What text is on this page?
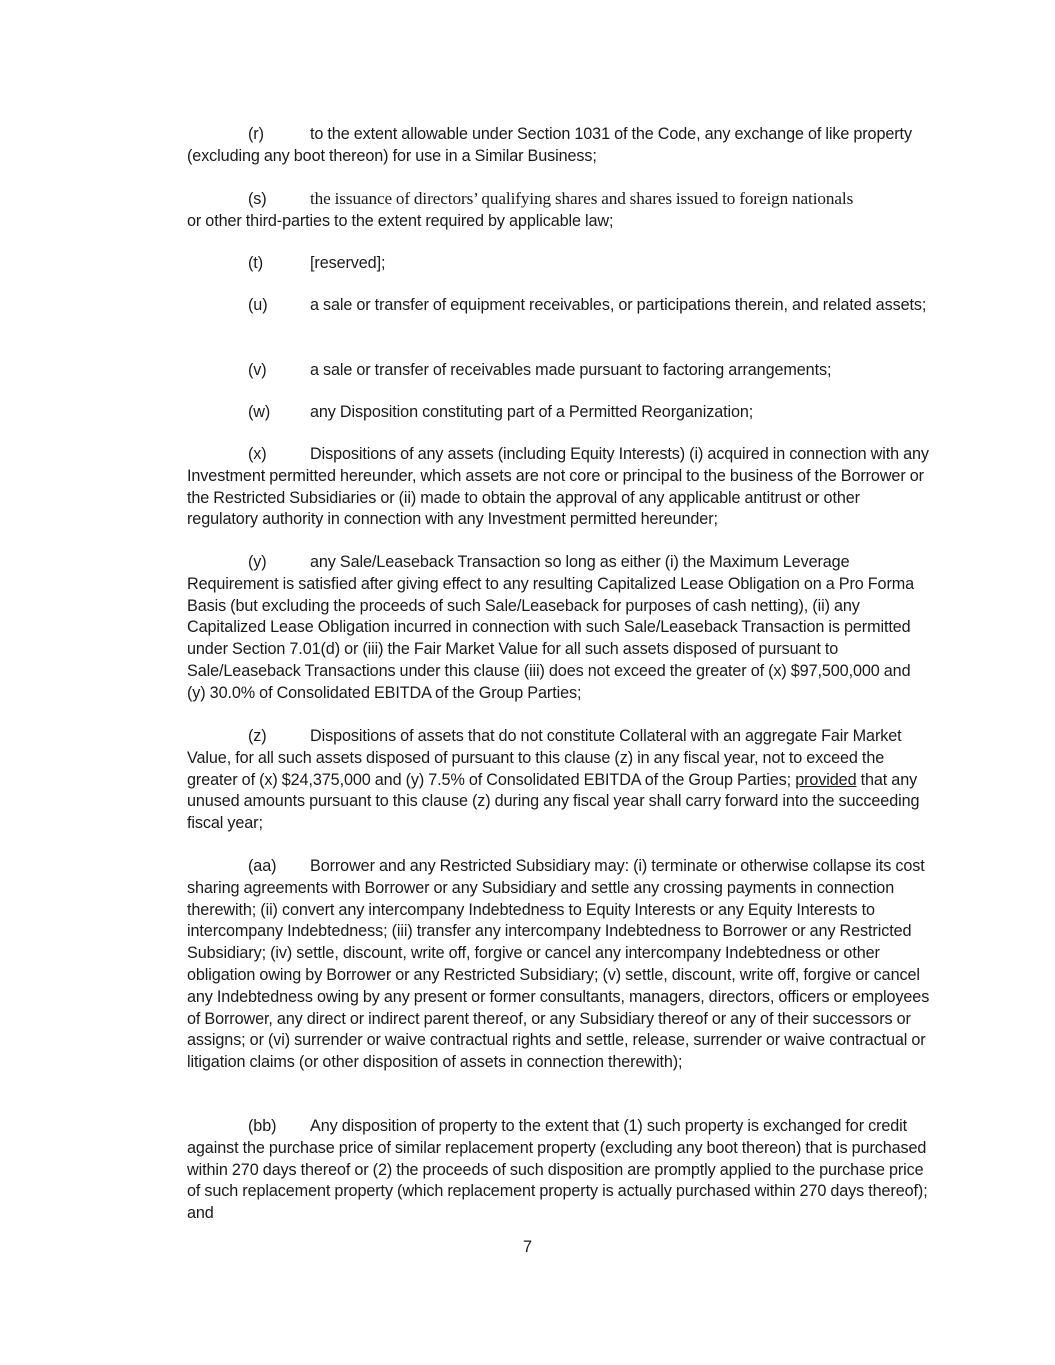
(r)	to the extent allowable under Section 1031 of the Code, any exchange of like property (excluding any boot thereon) for use in a Similar Business;
(s)	the issuance of directors’ qualifying shares and shares issued to foreign nationals
or other third-parties to the extent required by applicable law;
(t)	[reserved];
(u)	a sale or transfer of equipment receivables, or participations therein, and related assets;
(v)	a sale or transfer of receivables made pursuant to factoring arrangements;
(w) any Disposition constituting part of a Permitted Reorganization;
(x)	Dispositions of any assets (including Equity Interests) (i) acquired in connection with any Investment permitted hereunder, which assets are not core or principal to the business of the Borrower or the Restricted Subsidiaries or (ii) made to obtain the approval of any applicable antitrust or other regulatory authority in connection with any Investment permitted hereunder;
(y)	any Sale/Leaseback Transaction so long as either (i) the Maximum Leverage Requirement is satisfied after giving effect to any resulting Capitalized Lease Obligation on a Pro Forma Basis (but excluding the proceeds of such Sale/Leaseback for purposes of cash netting), (ii) any Capitalized Lease Obligation incurred in connection with such Sale/Leaseback Transaction is permitted under Section 7.01(d) or (iii) the Fair Market Value for all such assets disposed of pursuant to Sale/Leaseback Transactions under this clause (iii) does not exceed the greater of (x) $97,500,000 and (y) 30.0% of Consolidated EBITDA of the Group Parties;
(z)	Dispositions of assets that do not constitute Collateral with an aggregate Fair Market Value, for all such assets disposed of pursuant to this clause (z) in any fiscal year, not to exceed the greater of (x) $24,375,000 and (y) 7.5% of Consolidated EBITDA of the Group Parties; provided that any unused amounts pursuant to this clause (z) during any fiscal year shall carry forward into the succeeding fiscal year;
(aa) Borrower and any Restricted Subsidiary may: (i) terminate or otherwise collapse its cost sharing agreements with Borrower or any Subsidiary and settle any crossing payments in connection therewith; (ii) convert any intercompany Indebtedness to Equity Interests or any Equity Interests to intercompany Indebtedness; (iii) transfer any intercompany Indebtedness to Borrower or any Restricted Subsidiary; (iv) settle, discount, write off, forgive or cancel any intercompany Indebtedness or other obligation owing by Borrower or any Restricted Subsidiary; (v) settle, discount, write off, forgive or cancel any Indebtedness owing by any present or former consultants, managers, directors, officers or employees of Borrower, any direct or indirect parent thereof, or any Subsidiary thereof or any of their successors or assigns; or (vi) surrender or waive contractual rights and settle, release, surrender or waive contractual or litigation claims (or other disposition of assets in connection therewith);
(bb) Any disposition of property to the extent that (1) such property is exchanged for credit against the purchase price of similar replacement property (excluding any boot thereon) that is purchased within 270 days thereof or (2) the proceeds of such disposition are promptly applied to the purchase price of such replacement property (which replacement property is actually purchased within 270 days thereof); and
7
